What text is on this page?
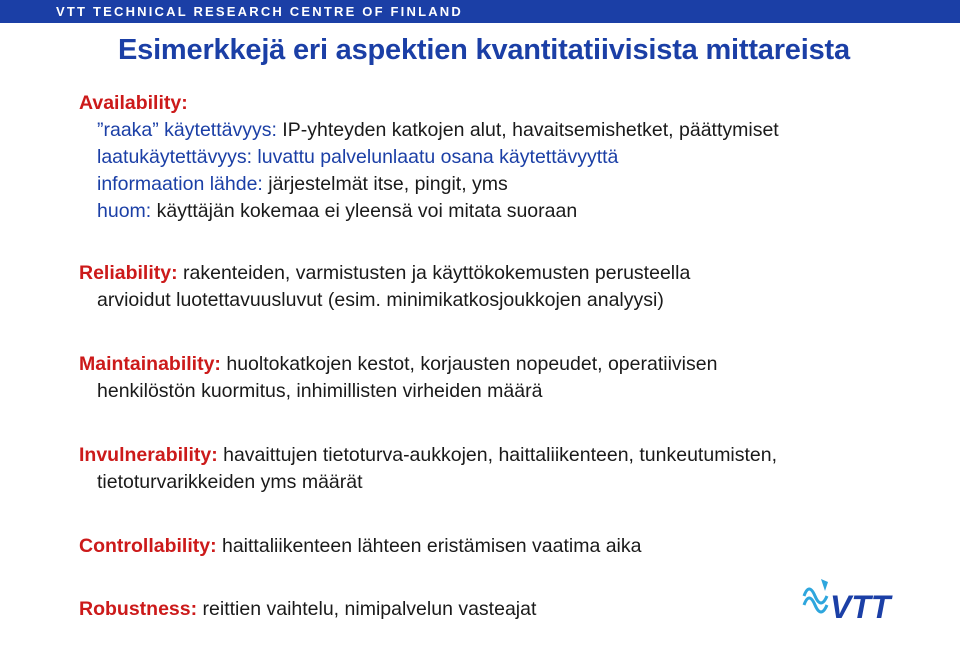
VTT TECHNICAL RESEARCH CENTRE OF FINLAND
Esimerkkejä eri aspektien kvantitatiivisista mittareista
Availability:
”raaka” käytettävyys: IP-yhteyden katkojen alut, havaitsemishetket, päättymiset
laatukäytettävyys: luvattu palvelunlaatu osana käytettävyyttä
informaation lähde: järjestelmät itse, pingit, yms
huom: käyttäjän kokemaa ei yleensä voi mitata suoraan
Reliability: rakenteiden, varmistusten ja käyttökokemusten perusteella
arvioidut luotettavuusluvut (esim. minimikatkosjoukkojen analyysi)
Maintainability: huoltokatkojen kestot, korjausten nopeudet, operatiivisen
henkilöstön kuormitus, inhimillisten virheiden määrä
Invulnerability: havaittujen tietoturva-aukkojen, haittaliikenteen, tunkeutumisten,
tietoturvarikkeiden yms määrät
Controllability: haittaliikenteen lähteen eristämisen vaatima aika
Robustness: reittien vaihtelu, nimipalvelun vasteajat	VTT
